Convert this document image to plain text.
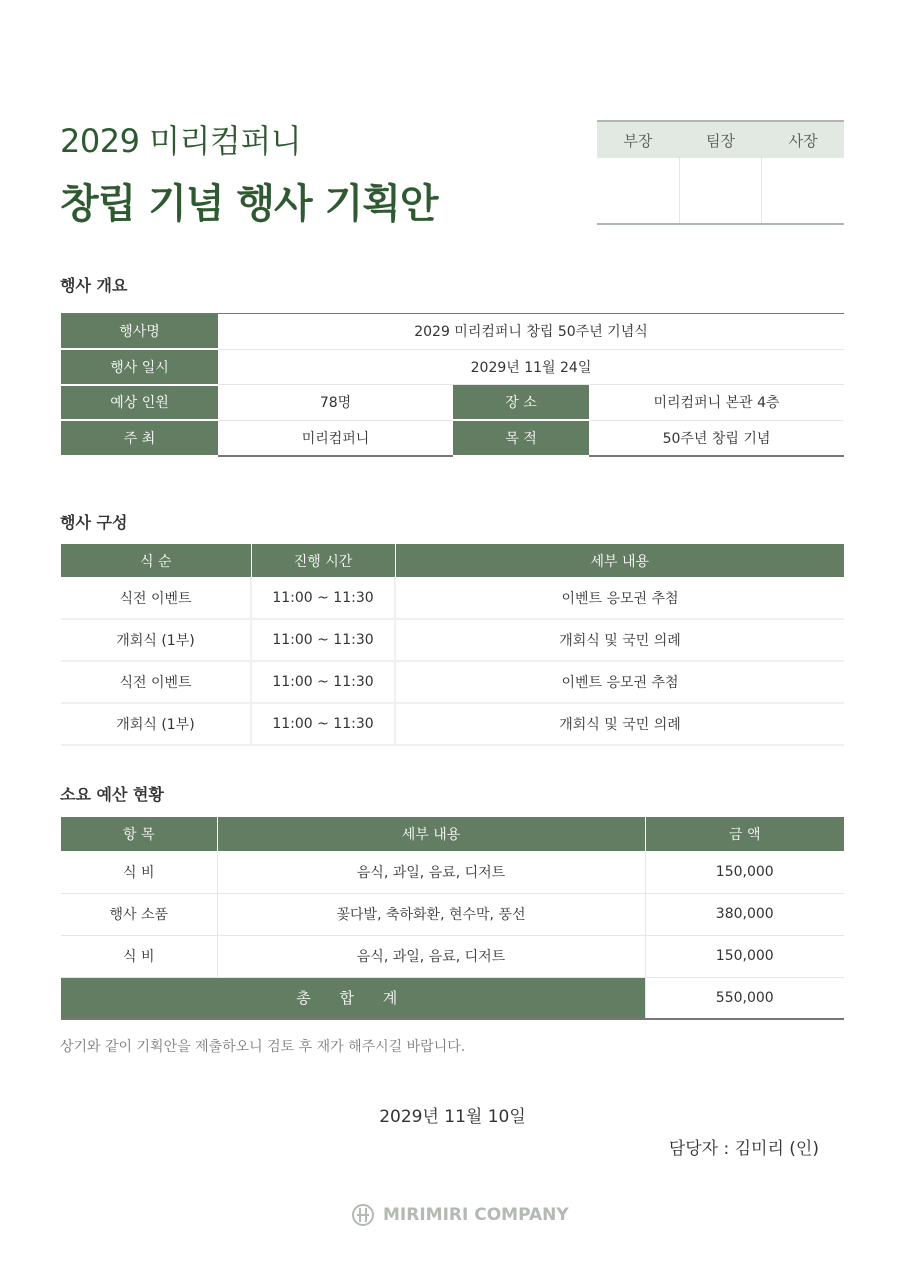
2029 미리컴퍼니
창립 기념 행사 기획안
부장	팀장	사장

행사 개요
행사명	2029 미리컴퍼니 창립 50주년 기념식		
행사 일시	2029년 11월 24일		
예상 인원	78명	장 소	미리컴퍼니 본관 4층
주 최	미리컴퍼니	목 적	50주년 창립 기념
행사 구성
식 순	진행 시간	세부 내용
식전 이벤트	11:00 ~ 11:30	이벤트 응모권 추첨
개회식 (1부)	11:00 ~ 11:30	개회식 및 국민 의례
식전 이벤트	11:00 ~ 11:30	이벤트 응모권 추첨
개회식 (1부)	11:00 ~ 11:30	개회식 및 국민 의례
소요 예산 현황
항 목	세부 내용	금 액
식 비	음식, 과일, 음료, 디저트	150,000
행사 소품	꽃다발, 축하화환, 현수막, 풍선	380,000
식 비	음식, 과일, 음료, 디저트	150,000
총 합 계		550,000
상기와 같이 기획안을 제출하오니 검토 후 재가 해주시길 바랍니다.
2029년 11월 10일
담당자 : 김미리 (인)
MIRIMIRI COMPANY
